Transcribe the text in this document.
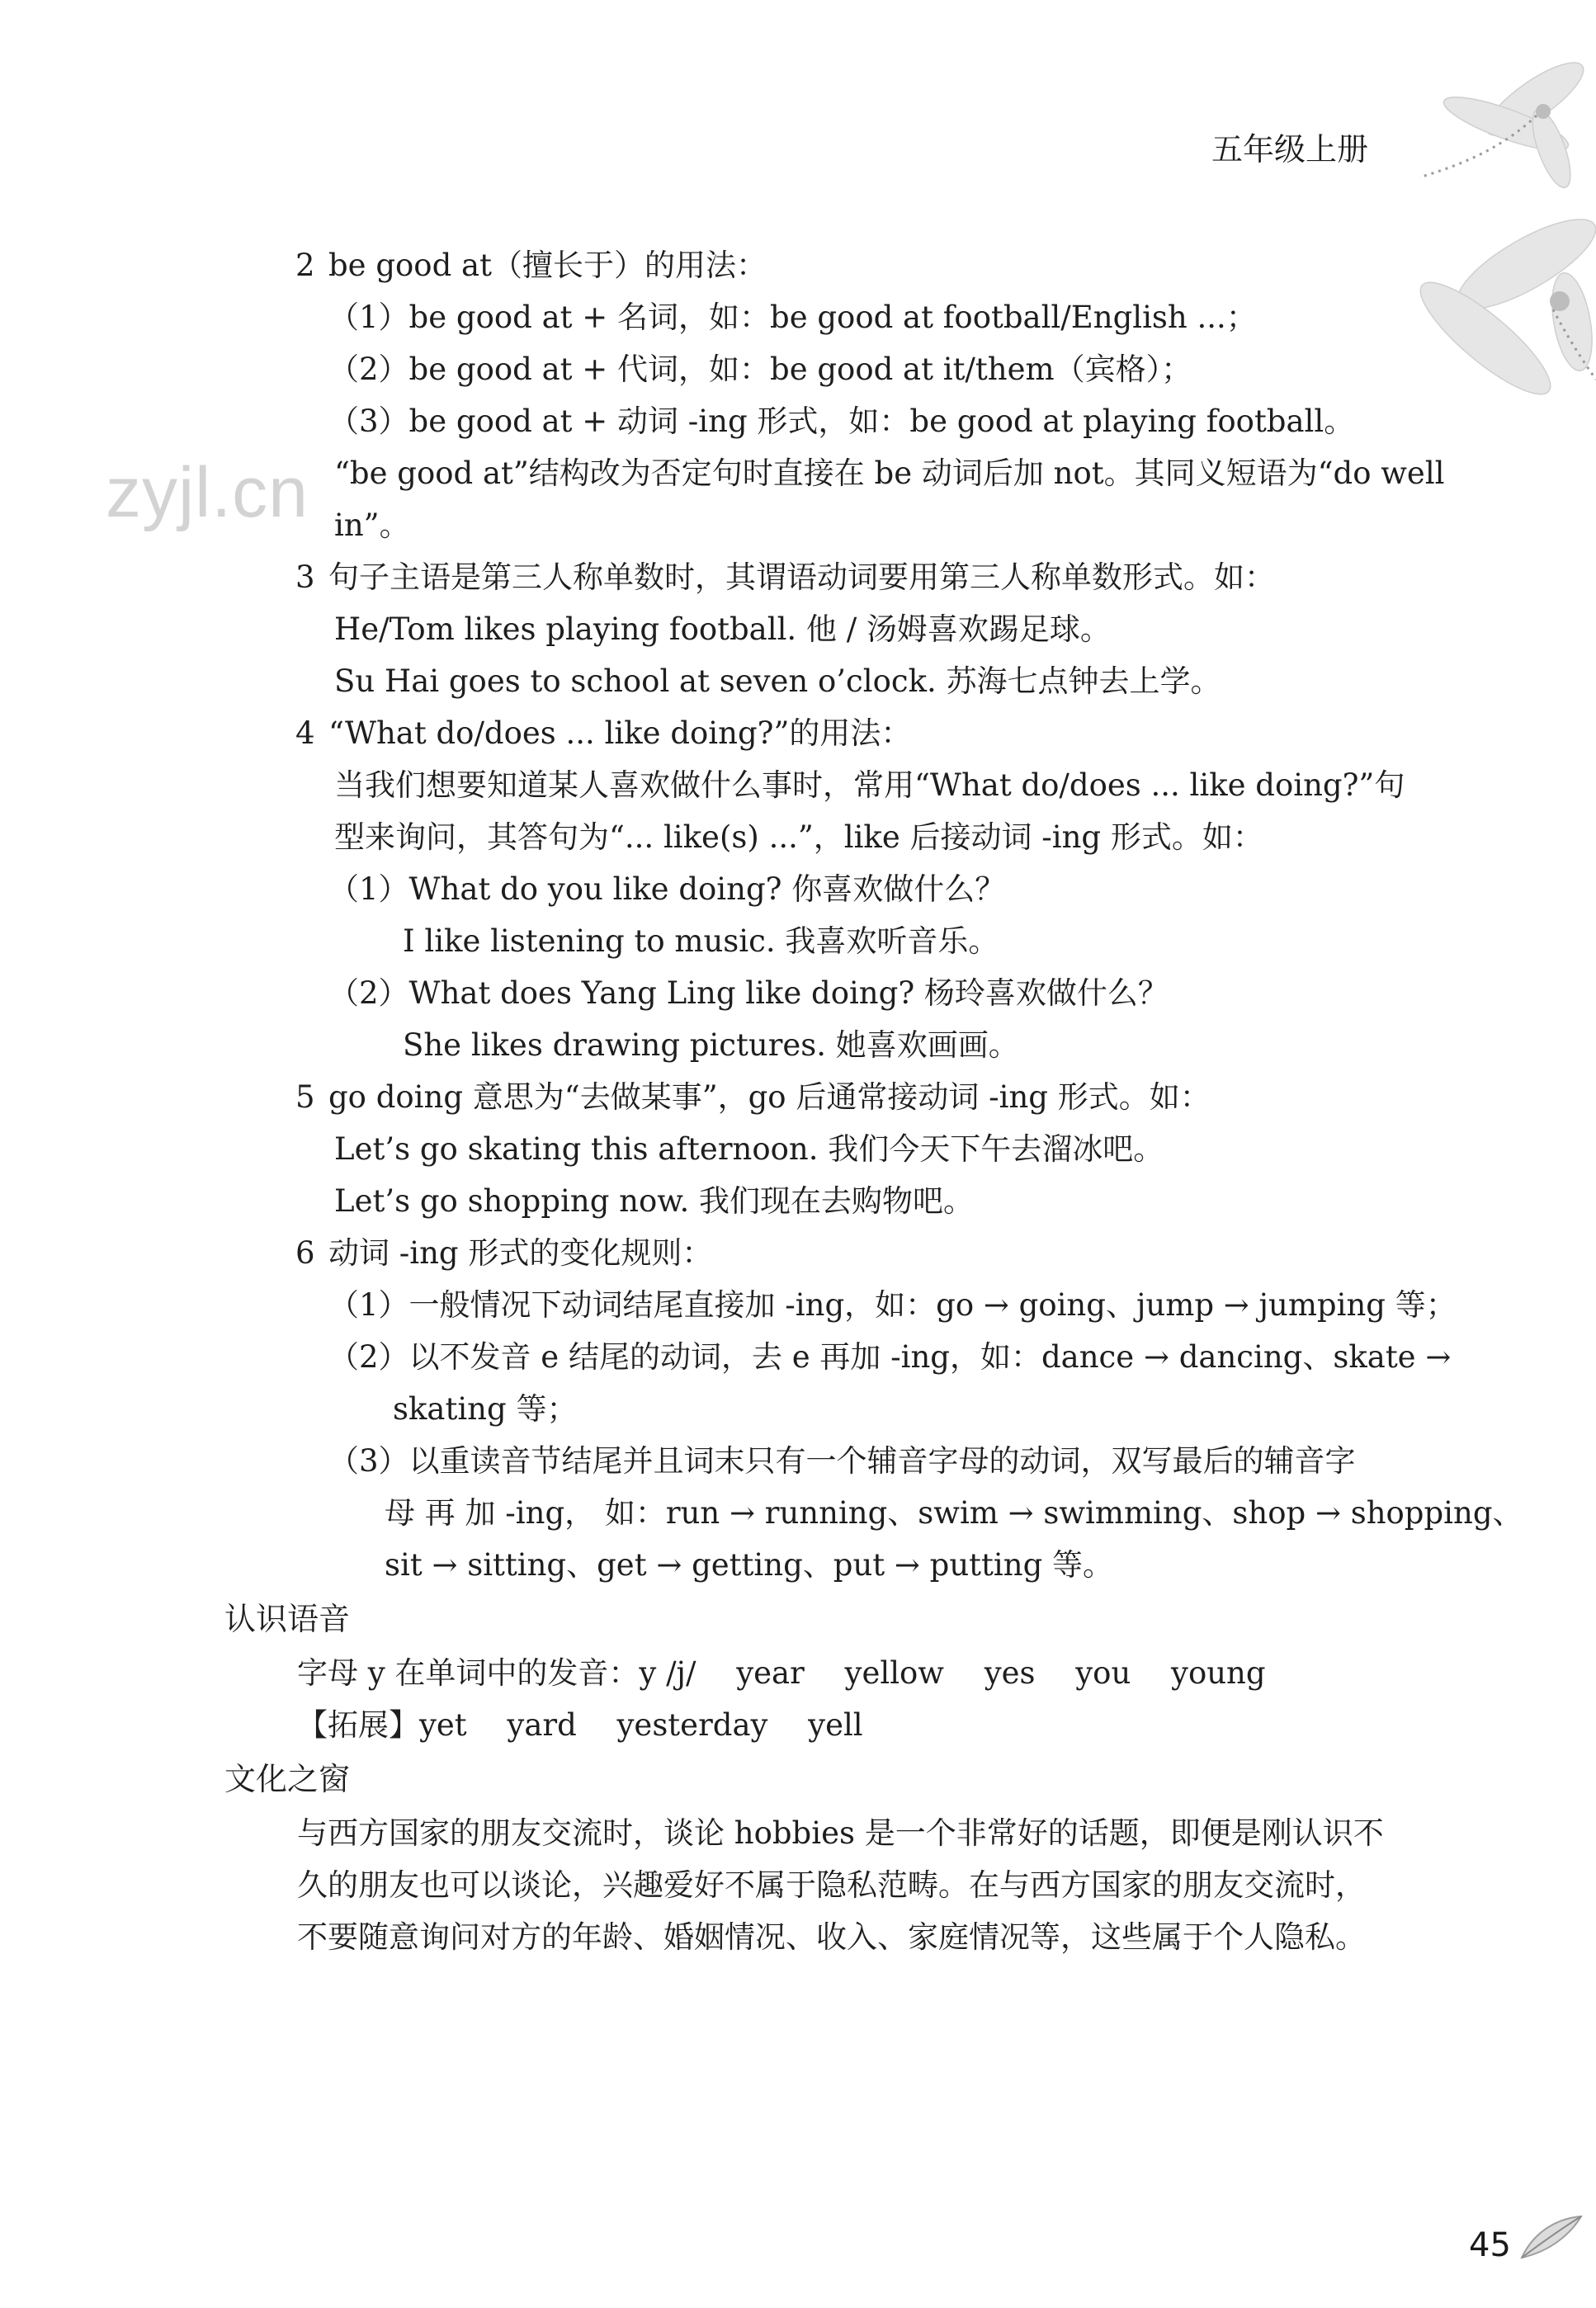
五年级上册
zyjl.cn
2 be good at（擅长于）的用法：
（1）be good at + 名词，如：be good at football/English ...；
（2）be good at + 代词，如：be good at it/them（宾格）；
（3）be good at + 动词 -ing 形式，如：be good at playing football。
“be good at”结构改为否定句时直接在 be 动词后加 not。其同义短语为“do well
in”。
3 句子主语是第三人称单数时，其谓语动词要用第三人称单数形式。如：
He/Tom likes playing football. 他 / 汤姆喜欢踢足球。
Su Hai goes to school at seven o’clock. 苏海七点钟去上学。
4 “What do/does ... like doing?”的用法：
当我们想要知道某人喜欢做什么事时，常用“What do/does ... like doing?”句
型来询问，其答句为“... like(s) ...”，like 后接动词 -ing 形式。如：
（1）What do you like doing? 你喜欢做什么？
I like listening to music. 我喜欢听音乐。
（2）What does Yang Ling like doing? 杨玲喜欢做什么？
She likes drawing pictures. 她喜欢画画。
5 go doing 意思为“去做某事”，go 后通常接动词 -ing 形式。如：
Let’s go skating this afternoon. 我们今天下午去溜冰吧。
Let’s go shopping now. 我们现在去购物吧。
6 动词 -ing 形式的变化规则：
（1）一般情况下动词结尾直接加 -ing，如：go → going、jump → jumping 等；
（2）以不发音 e 结尾的动词，去 e 再加 -ing，如：dance → dancing、skate →
skating 等；
（3）以重读音节结尾并且词末只有一个辅音字母的动词，双写最后的辅音字
母 再 加 -ing， 如：run → running、swim → swimming、shop → shopping、
sit → sitting、get → getting、put → putting 等。
认识语音
字母 y 在单词中的发音：y /j/　 year　 yellow　 yes　 you　 young
【拓展】yet　 yard　 yesterday　 yell
文化之窗
与西方国家的朋友交流时，谈论 hobbies 是一个非常好的话题，即便是刚认识不
久的朋友也可以谈论，兴趣爱好不属于隐私范畴。在与西方国家的朋友交流时，
不要随意询问对方的年龄、婚姻情况、收入、家庭情况等，这些属于个人隐私。
45
